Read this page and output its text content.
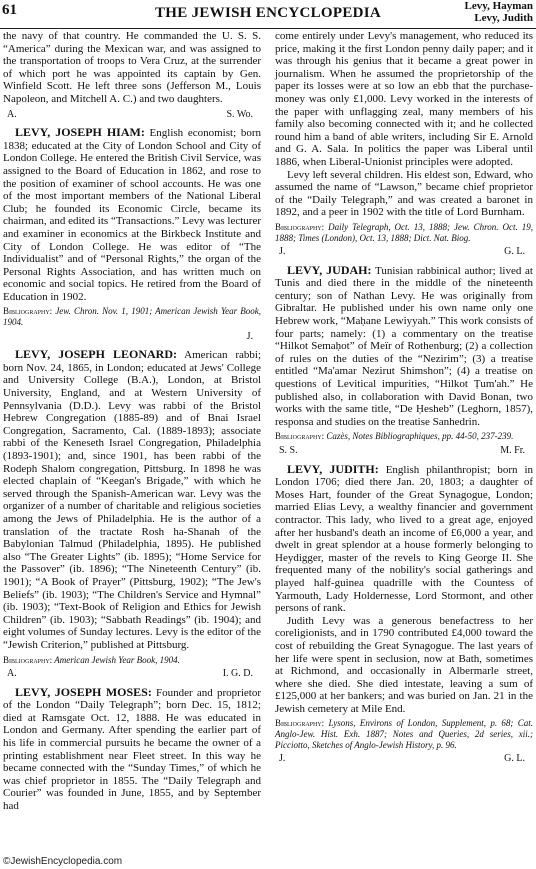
61	THE JEWISH ENCYCLOPEDIA	Levy, Hayman
Levy, Judith

the navy of that country. He commanded the U. S. S. “America” during the Mexican war, and was assigned to the transportation of troops to Vera Cruz, at the surrender of which port he was appointed its captain by Gen. Winfield Scott. He left three sons (Jefferson M., Louis Napoleon, and Mitchell A. C.) and two daughters.

A.	S. Wo.

LEVY, JOSEPH HIAM: English economist; born 1838; educated at the City of London School and City of London College. He entered the British Civil Service, was assigned to the Board of Education in 1862, and rose to the position of examiner of school accounts. He was one of the most important members of the National Liberal Club; he founded its Economic Circle, became its chairman, and edited its “Transactions.” Levy was lecturer and examiner in economics at the Birkbeck Institute and City of London College. He was editor of “The Individualist” and of “Personal Rights,” the organ of the Personal Rights Association, and has written much on economic and social topics. He retired from the Board of Education in 1902.

Bibliography: Jew. Chron. Nov. 1, 1901; American Jewish Year Book, 1904.
J.

LEVY, JOSEPH LEONARD: American rabbi; born Nov. 24, 1865, in London; educated at Jews' College and University College (B.A.), London, at Bristol University, England, and at Western University of Pennsylvania (D.D.). Levy was rabbi of the Bristol Hebrew Congregation (1885-89) and of Bnai Israel Congregation, Sacramento, Cal. (1889-1893); associate rabbi of the Keneseth Israel Congregation, Philadelphia (1893-1901); and, since 1901, has been rabbi of the Rodeph Shalom congregation, Pittsburg. In 1898 he was elected chaplain of “Keegan's Brigade,” with which he served through the Spanish-American war. Levy was the organizer of a number of charitable and religious societies among the Jews of Philadelphia. He is the author of a translation of the tractate Rosh ha-Shanah of the Babylonian Talmud (Philadelphia, 1895). He published also “The Greater Lights” (ib. 1895); “Home Service for the Passover” (ib. 1896); “The Nineteenth Century” (ib. 1901); “A Book of Prayer” (Pittsburg, 1902); “The Jew's Beliefs” (ib. 1903); “The Children's Service and Hymnal” (ib. 1903); “Text-Book of Religion and Ethics for Jewish Children” (ib. 1903); “Sabbath Readings” (ib. 1904); and eight volumes of Sunday lectures. Levy is the editor of the “Jewish Criterion,” published at Pittsburg.

Bibliography: American Jewish Year Book, 1904.
A.	I. G. D.

LEVY, JOSEPH MOSES: Founder and proprietor of the London “Daily Telegraph”; born Dec. 15, 1812; died at Ramsgate Oct. 12, 1888. He was educated in London and Germany. After spending the earlier part of his life in commercial pursuits he became the owner of a printing establishment near Fleet street. In this way he became connected with the “Sunday Times,” of which he was chief proprietor in 1855. The “Daily Telegraph and Courier” was founded in June, 1855, and by September had

come entirely under Levy's management, who reduced its price, making it the first London penny daily paper; and it was through his genius that it became a great power in journalism. When he assumed the proprietorship of the paper its losses were at so low an ebb that the purchase-money was only £1,000. Levy worked in the interests of the paper with unflagging zeal, many members of his family also becoming connected with it; and he collected round him a band of able writers, including Sir E. Arnold and G. A. Sala. In politics the paper was Liberal until 1886, when Liberal-Unionist principles were adopted.

Levy left several children. His eldest son, Edward, who assumed the name of “Lawson,” became chief proprietor of the “Daily Telegraph,” and was created a baronet in 1892, and a peer in 1902 with the title of Lord Burnham.

Bibliography: Daily Telegraph, Oct. 13, 1888; Jew. Chron. Oct. 19, 1888; Times (London), Oct. 13, 1888; Dict. Nat. Biog.
J.	G. L.

LEVY, JUDAH: Tunisian rabbinical author; lived at Tunis and died there in the middle of the nineteenth century; son of Nathan Levy. He was originally from Gibraltar. He published under his own name only one Hebrew work, “Maḥane Lewiyyah.” This work consists of four parts; namely: (1) a commentary on the treatise “Hilkot Semaḥot” of Meïr of Rothenburg; (2) a collection of rules on the duties of the “Nezirim”; (3) a treatise entitled “Ma'amar Nezirut Shimshon”; (4) a treatise on questions of Levitical impurities, “Hilkot Ṭum'ah.” He published also, in collaboration with David Bonan, two works with the same title, “De Ḥesheb” (Leghorn, 1857), responsa and studies on the treatise Sanhedrin.

Bibliography: Cazès, Notes Bibliographiques, pp. 44-50, 237-239.
S. S.	M. Fr.

LEVY, JUDITH: English philanthropist; born in London 1706; died there Jan. 20, 1803; a daughter of Moses Hart, founder of the Great Synagogue, London; married Elias Levy, a wealthy financier and government contractor. This lady, who lived to a great age, enjoyed after her husband's death an income of £6,000 a year, and dwelt in great splendor at a house formerly belonging to Heydigger, master of the revels to King George II. She frequented many of the nobility's social gatherings and played half-guinea quadrille with the Countess of Yarmouth, Lady Holdernesse, Lord Stormont, and other persons of rank.

Judith Levy was a generous benefactress to her coreligionists, and in 1790 contributed £4,000 toward the cost of rebuilding the Great Synagogue. The last years of her life were spent in seclusion, now at Bath, sometimes at Richmond, and occasionally in Albermarle street, where she died. She died intestate, leaving a sum of £125,000 at her bankers; and was buried on Jan. 21 in the Jewish cemetery at Mile End.

Bibliography: Lysons, Environs of London, Supplement, p. 68; Cat. Anglo-Jew. Hist. Exh. 1887; Notes and Queries, 2d series, xii.; Picciotto, Sketches of Anglo-Jewish History, p. 96.
J.	G. L.
©JewishEncyclopedia.com
